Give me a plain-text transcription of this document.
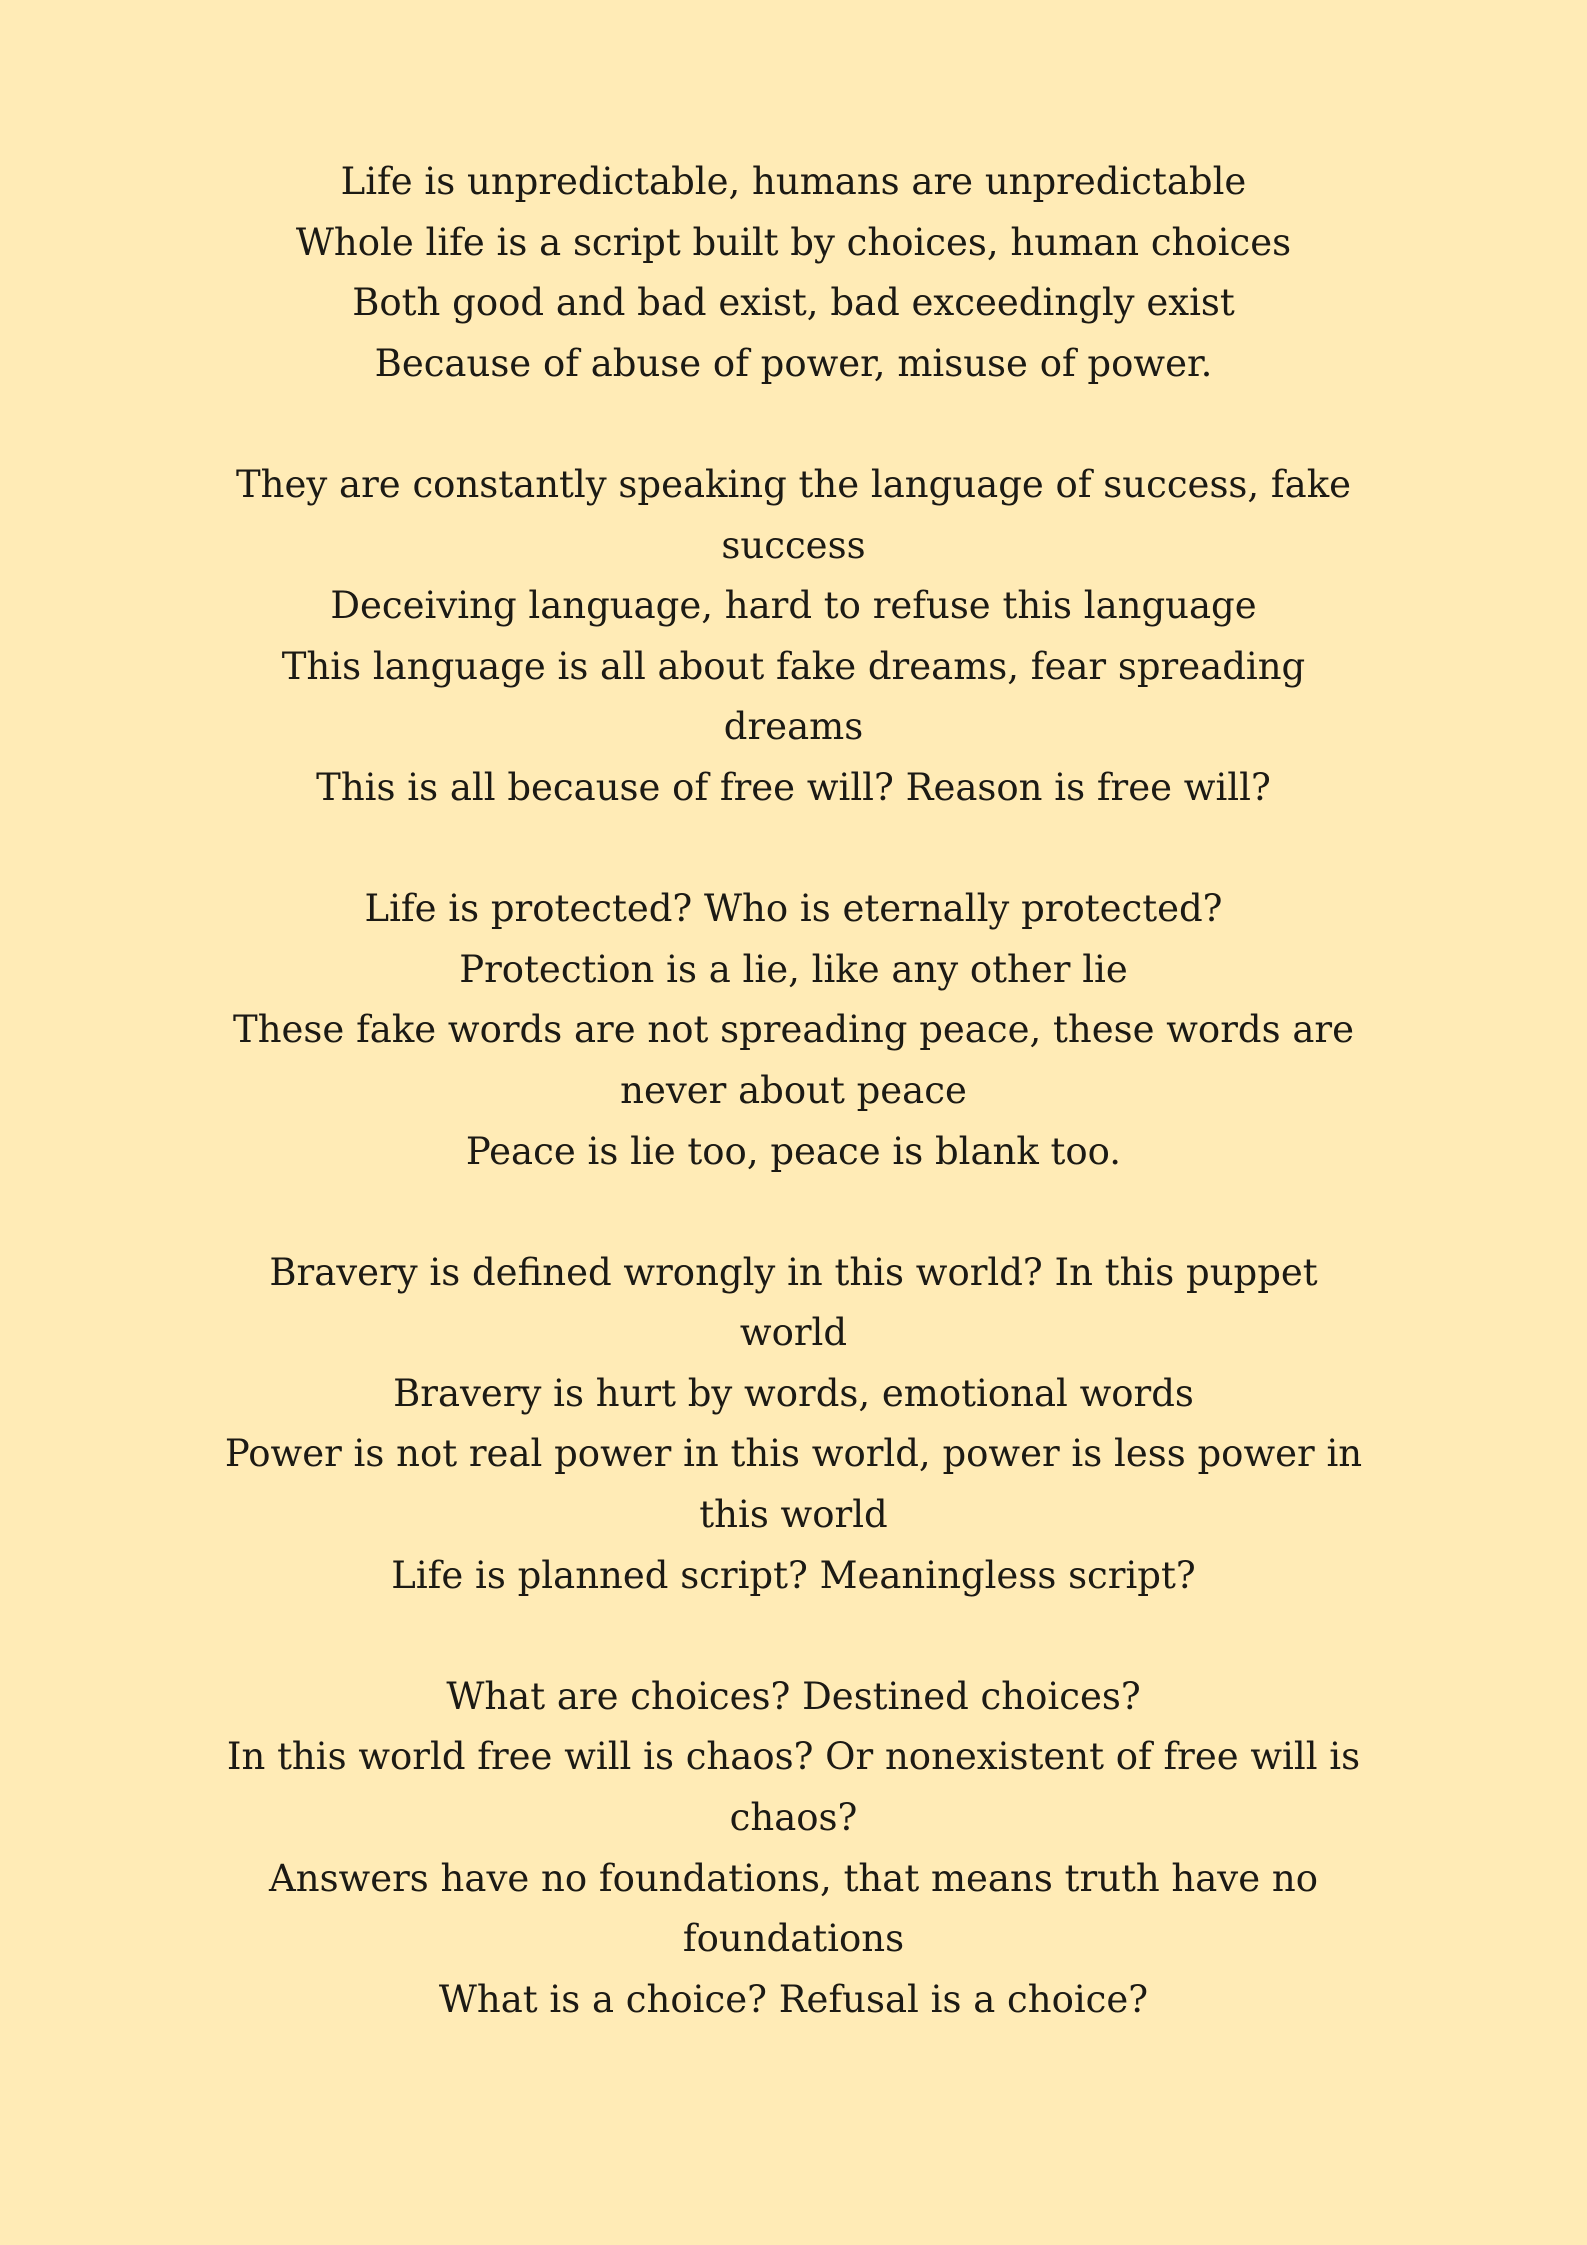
Life is unpredictable, humans are unpredictable
Whole life is a script built by choices, human choices
Both good and bad exist, bad exceedingly exist
Because of abuse of power, misuse of power.
They are constantly speaking the language of success, fake success
Deceiving language, hard to refuse this language
This language is all about fake dreams, fear spreading dreams
This is all because of free will? Reason is free will?
Life is protected? Who is eternally protected?
Protection is a lie, like any other lie
These fake words are not spreading peace, these words are never about peace
Peace is lie too, peace is blank too.
Bravery is defined wrongly in this world? In this puppet world
Bravery is hurt by words, emotional words
Power is not real power in this world, power is less power in this world
Life is planned script? Meaningless script?
What are choices? Destined choices?
In this world free will is chaos? Or nonexistent of free will is chaos?
Answers have no foundations, that means truth have no foundations
What is a choice? Refusal is a choice?
